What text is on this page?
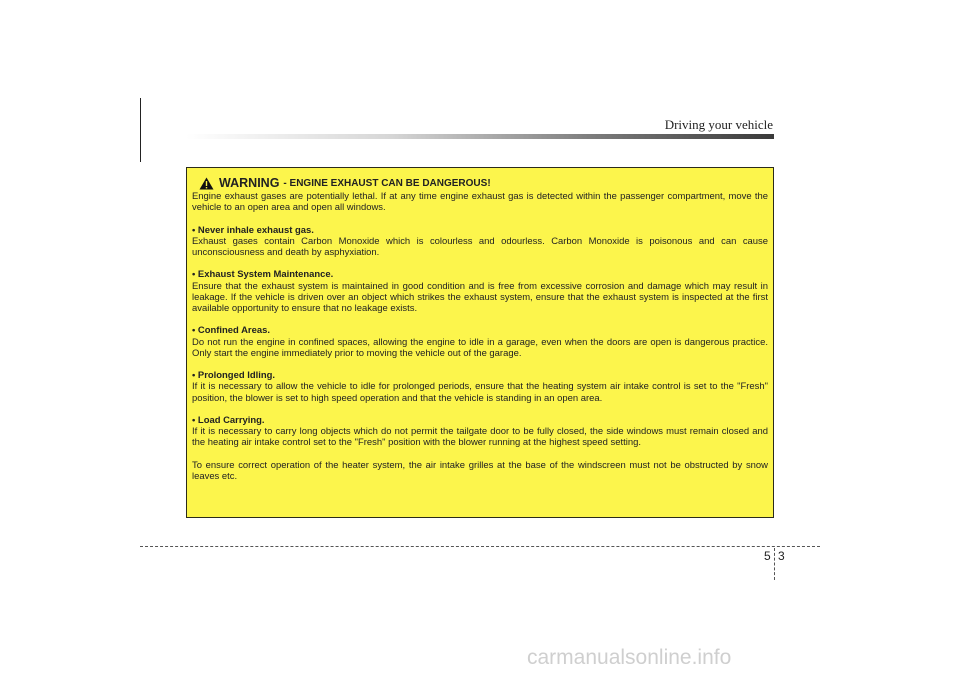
Driving your vehicle
WARNING - ENGINE EXHAUST CAN BE DANGEROUS!

Engine exhaust gases are potentially lethal. If at any time engine exhaust gas is detected within the passenger compartment, move the vehicle to an open area and open all windows.

• Never inhale exhaust gas.

Exhaust gases contain Carbon Monoxide which is colourless and odourless. Carbon Monoxide is poisonous and can cause unconsciousness and death by asphyxiation.

• Exhaust System Maintenance.

Ensure that the exhaust system is maintained in good condition and is free from excessive corrosion and damage which may result in leakage. If the vehicle is driven over an object which strikes the exhaust system, ensure that the exhaust system is inspected at the first available opportunity to ensure that no leakage exists.

• Confined Areas.

Do not run the engine in confined spaces, allowing the engine to idle in a garage, even when the doors are open is dangerous practice. Only start the engine immediately prior to moving the vehicle out of the garage.

• Prolonged Idling.

If it is necessary to allow the vehicle to idle for prolonged periods, ensure that the heating system air intake control is set to the "Fresh" position, the blower is set to high speed operation and that the vehicle is standing in an open area.

• Load Carrying.

If it is necessary to carry long objects which do not permit the tailgate door to be fully closed, the side windows must remain closed and the heating air intake control set to the "Fresh" position with the blower running at the highest speed setting.

To ensure correct operation of the heater system, the air intake grilles at the base of the windscreen must not be obstructed by snow leaves etc.

5 3
carmanualsonline.info
